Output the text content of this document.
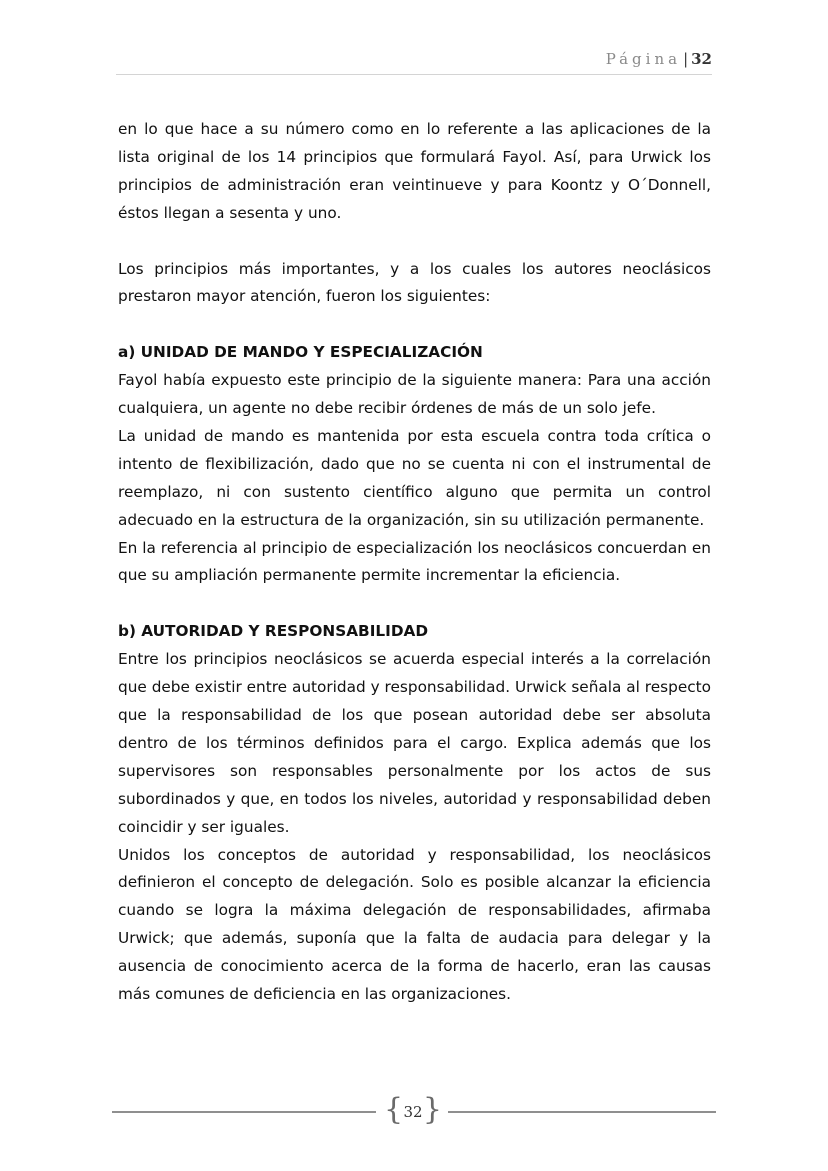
Página | 32

en lo que hace a su número como en lo referente a las aplicaciones de la lista original de los 14 principios que formulará Fayol. Así, para Urwick los principios de administración eran veintinueve y para Koontz y O´Donnell, éstos llegan a sesenta y uno.

Los principios más importantes, y a los cuales los autores neoclásicos prestaron mayor atención, fueron los siguientes:

a) UNIDAD DE MANDO Y ESPECIALIZACIÓN

Fayol había expuesto este principio de la siguiente manera: Para una acción cualquiera, un agente no debe recibir órdenes de más de un solo jefe.

La unidad de mando es mantenida por esta escuela contra toda crítica o intento de flexibilización, dado que no se cuenta ni con el instrumental de reemplazo, ni con sustento científico alguno que permita un control adecuado en la estructura de la organización, sin su utilización permanente.

En la referencia al principio de especialización los neoclásicos concuerdan en que su ampliación permanente permite incrementar la eficiencia.

b) AUTORIDAD Y RESPONSABILIDAD

Entre los principios neoclásicos se acuerda especial interés a la correlación que debe existir entre autoridad y responsabilidad. Urwick señala al respecto que la responsabilidad de los que posean autoridad debe ser absoluta dentro de los términos definidos para el cargo. Explica además que los supervisores son responsables personalmente por los actos de sus subordinados y que, en todos los niveles, autoridad y responsabilidad deben coincidir y ser iguales.

Unidos los conceptos de autoridad y responsabilidad, los neoclásicos definieron el concepto de delegación. Solo es posible alcanzar la eficiencia cuando se logra la máxima delegación de responsabilidades, afirmaba Urwick; que además, suponía que la falta de audacia para delegar y la ausencia de conocimiento acerca de la forma de hacerlo, eran las causas más comunes de deficiencia en las organizaciones.

{ 32 }
